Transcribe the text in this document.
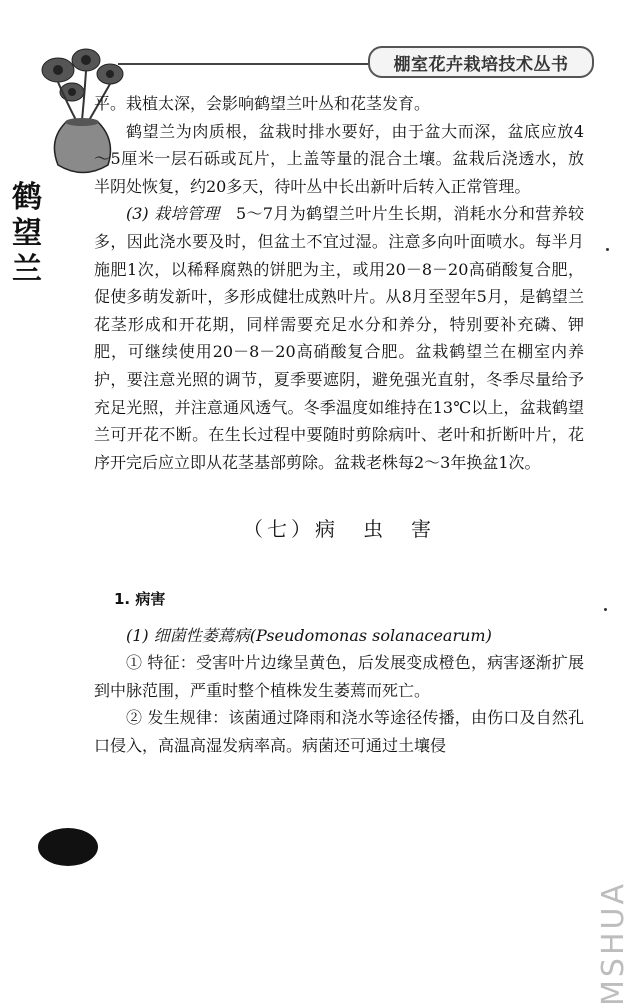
棚室花卉栽培技术丛书
鹤
望
兰

平。栽植太深，会影响鹤望兰叶丛和花茎发育。

鹤望兰为肉质根，盆栽时排水要好，由于盆大而深，盆底应放4～5厘米一层石砾或瓦片，上盖等量的混合土壤。盆栽后浇透水，放半阴处恢复，约20多天，待叶丛中长出新叶后转入正常管理。

(3) 栽培管理　 5～7月为鹤望兰叶片生长期，消耗水分和营养较多，因此浇水要及时，但盆土不宜过湿。注意多向叶面喷水。每半月施肥1次，以稀释腐熟的饼肥为主，或用20－8－20高硝酸复合肥，促使多萌发新叶，多形成健壮成熟叶片。从8月至翌年5月，是鹤望兰花茎形成和开花期，同样需要充足水分和养分，特别要补充磷、钾肥，可继续使用20－8－20高硝酸复合肥。盆栽鹤望兰在棚室内养护，要注意光照的调节，夏季要遮阴，避免强光直射，冬季尽量给予充足光照，并注意通风透气。冬季温度如维持在13℃以上，盆栽鹤望兰可开花不断。在生长过程中要随时剪除病叶、老叶和折断叶片，花序开完后应立即从花茎基部剪除。盆栽老株每2～3年换盆1次。

（七）病　虫　害
1. 病害

(1) 细菌性萎蔫病(Pseudomonas solanacearum)

① 特征：受害叶片边缘呈黄色，后发展变成橙色，病害逐渐扩展到中脉范围，严重时整个植株发生萎蔫而死亡。

② 发生规律：该菌通过降雨和浇水等途径传播，由伤口及自然孔口侵入，高温高湿发病率高。病菌还可通过土壤侵

MSHUA
